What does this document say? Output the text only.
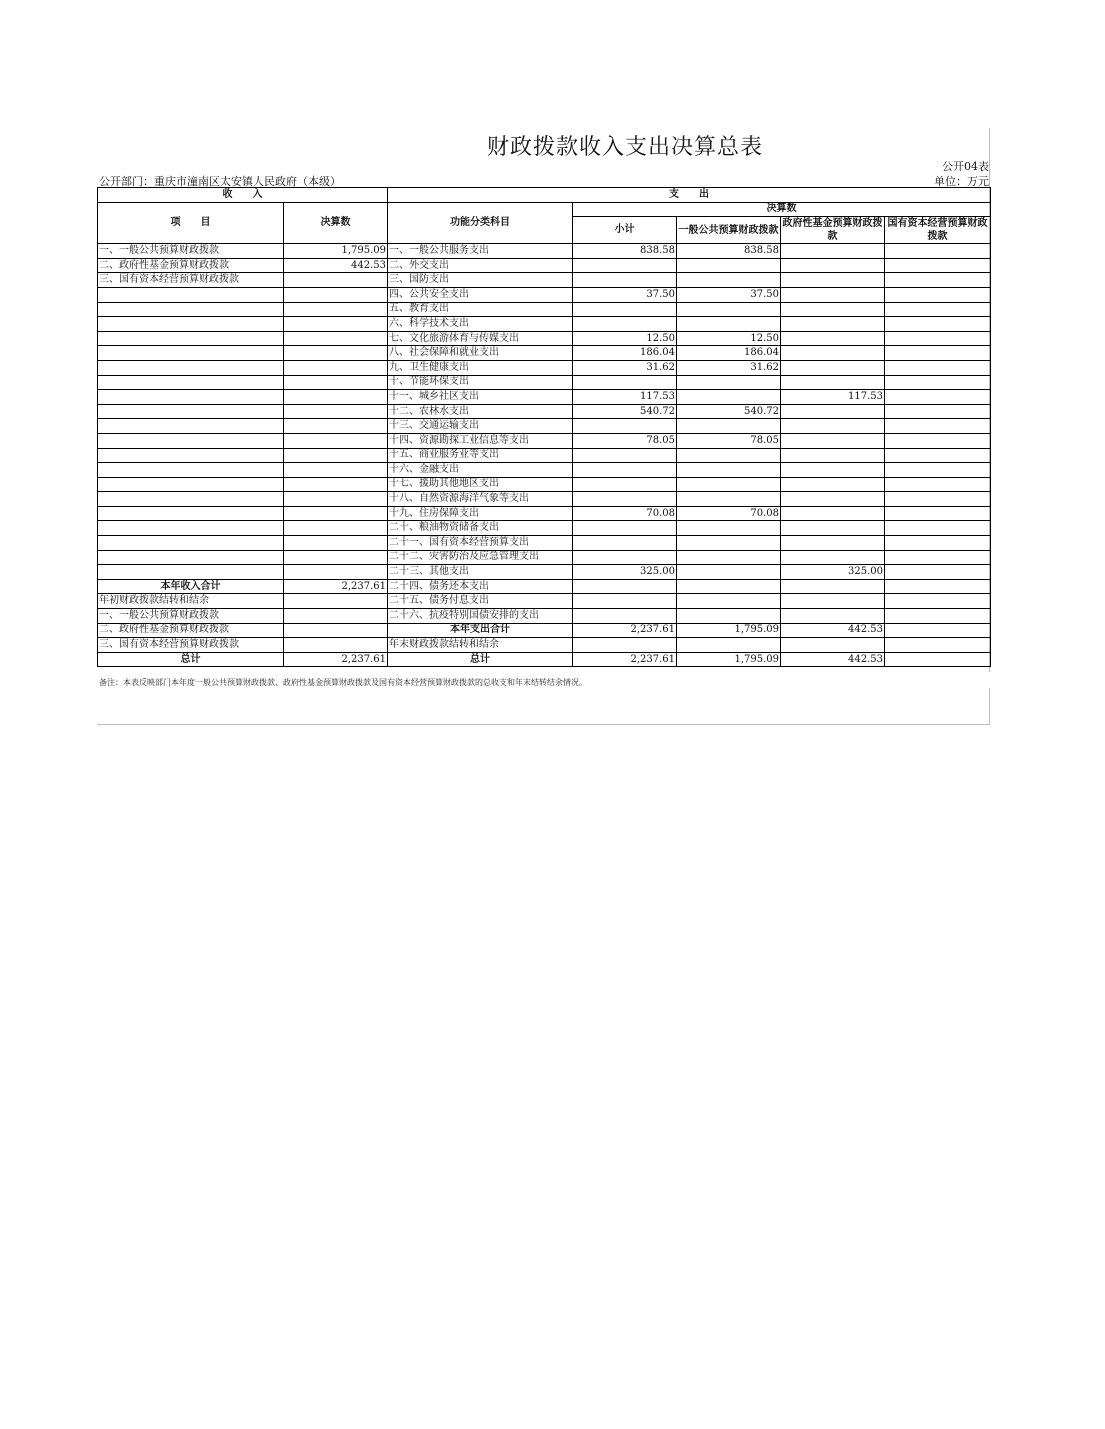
财政拨款收入支出决算总表
公开04表
公开部门：重庆市潼南区太安镇人民政府（本级）	单位：万元
收　　入		支　　出				
项　　目	决算数	功能分类科目	决算数			
			小计	一般公共预算财政拨款	政府性基金预算财政拨款	国有资本经营预算财政拨款

一、一般公共预算财政拨款	1,795.09	一、一般公共服务支出	838.58	838.58		
二、政府性基金预算财政拨款	442.53	二、外交支出				
三、国有资本经营预算财政拨款		三、国防支出				
		四、公共安全支出	37.50	37.50		
		五、教育支出				
		六、科学技术支出				
		七、文化旅游体育与传媒支出	12.50	12.50		
		八、社会保障和就业支出	186.04	186.04		
		九、卫生健康支出	31.62	31.62		
		十、节能环保支出				
		十一、城乡社区支出	117.53		117.53	
		十二、农林水支出	540.72	540.72		
		十三、交通运输支出				
		十四、资源勘探工业信息等支出	78.05	78.05		
		十五、商业服务业等支出				
		十六、金融支出				
		十七、援助其他地区支出				
		十八、自然资源海洋气象等支出				
		十九、住房保障支出	70.08	70.08		
		二十、粮油物资储备支出				
		二十一、国有资本经营预算支出				
		二十二、灾害防治及应急管理支出				
		二十三、其他支出	325.00		325.00	
本年收入合计	2,237.61	二十四、债务还本支出				
年初财政拨款结转和结余		二十五、债务付息支出				
一、一般公共预算财政拨款		二十六、抗疫特别国债安排的支出				
二、政府性基金预算财政拨款		本年支出合计	2,237.61	1,795.09	442.53	
三、国有资本经营预算财政拨款		年末财政拨款结转和结余				
总计	2,237.61	总计	2,237.61	1,795.09	442.53	
备注：本表反映部门本年度一般公共预算财政拨款、政府性基金预算财政拨款及国有资本经营预算财政拨款的总收支和年末结转结余情况。
